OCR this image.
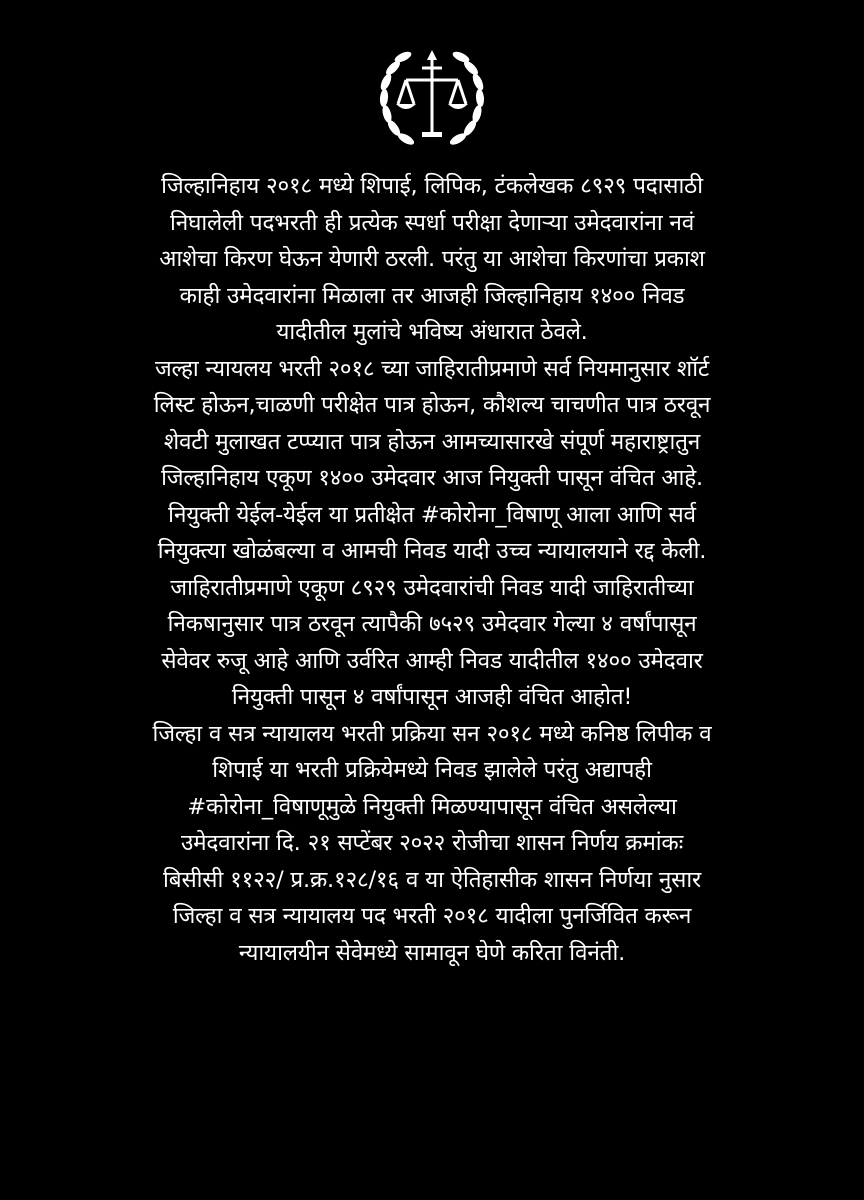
जिल्हानिहाय २०१८ मध्ये शिपाई, लिपिक, टंकलेखक ८९२९ पदासाठी
निघालेली पदभरती ही प्रत्येक स्पर्धा परीक्षा देणाऱ्या उमेदवारांना नवं
आशेचा किरण घेऊन येणारी ठरली. परंतु या आशेचा किरणांचा प्रकाश
काही उमेदवारांना मिळाला तर आजही जिल्हानिहाय १४०० निवड
यादीतील मुलांचे भविष्य अंधारात ठेवले.
जल्हा न्यायलय भरती २०१८ च्या जाहिरातीप्रमाणे सर्व नियमानुसार शॉर्ट
लिस्ट होऊन,चाळणी परीक्षेत पात्र होऊन, कौशल्य चाचणीत पात्र ठरवून
शेवटी मुलाखत टप्प्यात पात्र होऊन आमच्यासारखे संपूर्ण महाराष्ट्रातुन
जिल्हानिहाय एकूण १४०० उमेदवार आज नियुक्ती पासून वंचित आहे.
नियुक्ती येईल-येईल या प्रतीक्षेत #कोरोना_विषाणू आला आणि सर्व
नियुक्त्या खोळंबल्या व आमची निवड यादी उच्च न्यायालयाने रद्द केली.
जाहिरातीप्रमाणे एकूण ८९२९ उमेदवारांची निवड यादी जाहिरातीच्या
निकषानुसार पात्र ठरवून त्यापैकी ७५२९ उमेदवार गेल्या ४ वर्षांपासून
सेवेवर रुजू आहे आणि उर्वरित आम्ही निवड यादीतील १४०० उमेदवार
नियुक्ती पासून ४ वर्षांपासून आजही वंचित आहोत!
जिल्हा व सत्र न्यायालय भरती प्रक्रिया सन २०१८ मध्ये कनिष्ठ लिपीक व
शिपाई या भरती प्रक्रियेमध्ये निवड झालेले परंतु अद्यापही
#कोरोना_विषाणूमुळे नियुक्ती मिळण्यापासून वंचित असलेल्या
उमेदवारांना दि. २१ सप्टेंबर २०२२ रोजीचा शासन निर्णय क्रमांकः
बिसीसी ११२२/ प्र.क्र.१२८/१६ व या ऐतिहासीक शासन निर्णया नुसार
जिल्हा व सत्र न्यायालय पद भरती २०१८ यादीला पुनर्जिवित करून
न्यायालयीन सेवेमध्ये सामावून घेणे करिता विनंती.
